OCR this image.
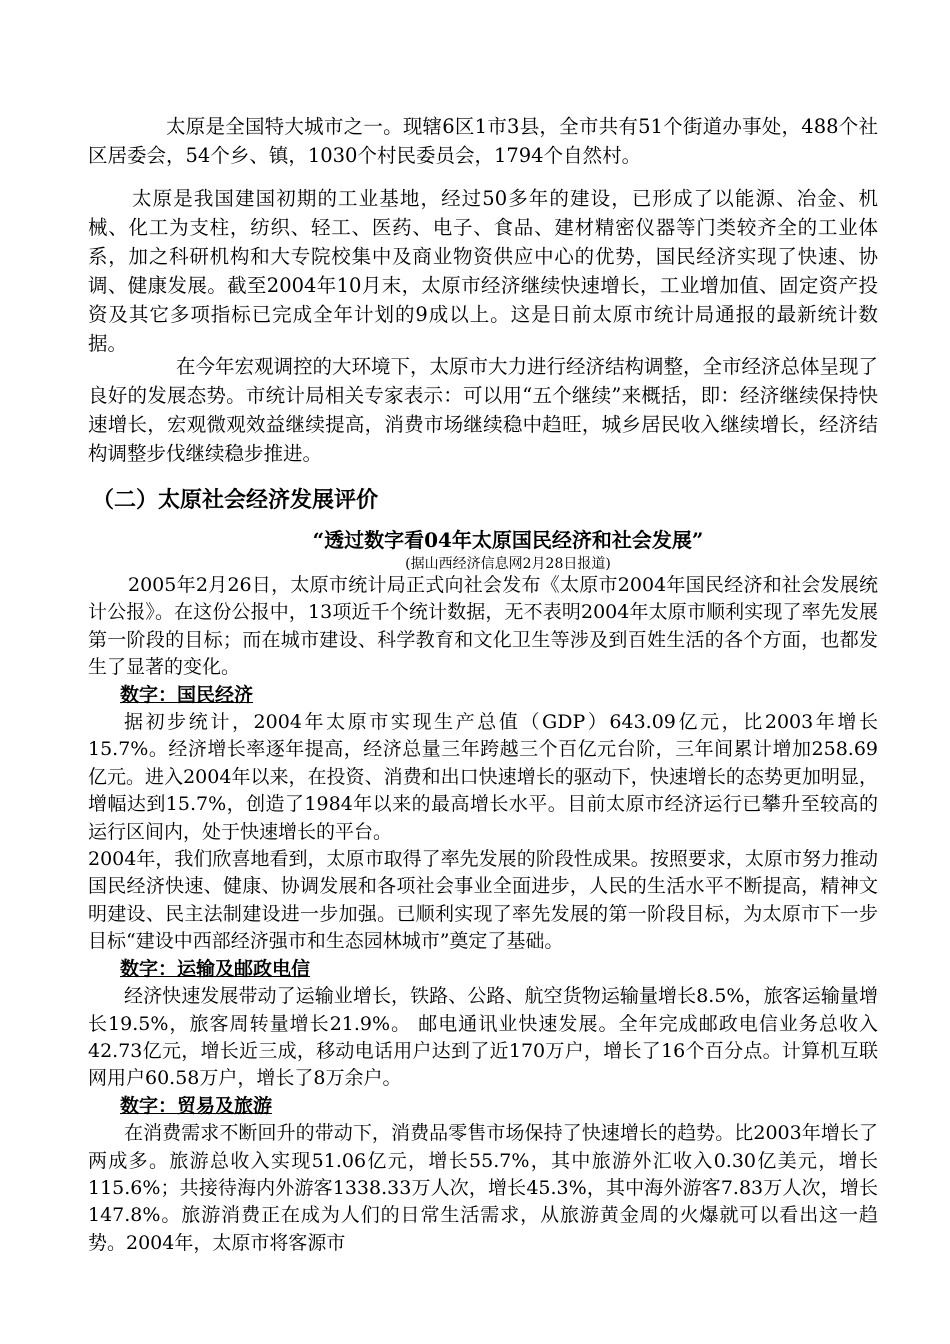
太原是全国特大城市之一。现辖6区1市3县，全市共有51个街道办事处，488个社区居委会，54个乡、镇，1030个村民委员会，1794个自然村。

太原是我国建国初期的工业基地，经过50多年的建设，已形成了以能源、冶金、机械、化工为支柱，纺织、轻工、医药、电子、食品、建材精密仪器等门类较齐全的工业体系，加之科研机构和大专院校集中及商业物资供应中心的优势，国民经济实现了快速、协调、健康发展。截至2004年10月末，太原市经济继续快速增长，工业增加值、固定资产投资及其它多项指标已完成全年计划的9成以上。这是日前太原市统计局通报的最新统计数据。

在今年宏观调控的大环境下，太原市大力进行经济结构调整，全市经济总体呈现了良好的发展态势。市统计局相关专家表示：可以用“五个继续”来概括，即：经济继续保持快速增长，宏观微观效益继续提高，消费市场继续稳中趋旺，城乡居民收入继续增长，经济结构调整步伐继续稳步推进。

（二）太原社会经济发展评价

“透过数字看04年太原国民经济和社会发展”

(据山西经济信息网2月28日报道)

2005年2月26日，太原市统计局正式向社会发布《太原市2004年国民经济和社会发展统计公报》。在这份公报中，13项近千个统计数据，无不表明2004年太原市顺利实现了率先发展第一阶段的目标；而在城市建设、科学教育和文化卫生等涉及到百姓生活的各个方面，也都发生了显著的变化。

数字：国民经济

据初步统计，2004年太原市实现生产总值（GDP）643.09亿元，比2003年增长15.7%。经济增长率逐年提高，经济总量三年跨越三个百亿元台阶，三年间累计增加258.69亿元。进入2004年以来，在投资、消费和出口快速增长的驱动下，快速增长的态势更加明显，增幅达到15.7%，创造了1984年以来的最高增长水平。目前太原市经济运行已攀升至较高的运行区间内，处于快速增长的平台。

2004年，我们欣喜地看到，太原市取得了率先发展的阶段性成果。按照要求，太原市努力推动国民经济快速、健康、协调发展和各项社会事业全面进步，人民的生活水平不断提高，精神文明建设、民主法制建设进一步加强。已顺利实现了率先发展的第一阶段目标，为太原市下一步目标“建设中西部经济强市和生态园林城市”奠定了基础。

数字：运输及邮政电信

经济快速发展带动了运输业增长，铁路、公路、航空货物运输量增长8.5%，旅客运输量增长19.5%，旅客周转量增长21.9%。 邮电通讯业快速发展。全年完成邮政电信业务总收入42.73亿元，增长近三成，移动电话用户达到了近170万户，增长了16个百分点。计算机互联网用户60.58万户，增长了8万余户。

数字：贸易及旅游

在消费需求不断回升的带动下，消费品零售市场保持了快速增长的趋势。比2003年增长了两成多。旅游总收入实现51.06亿元，增长55.7%，其中旅游外汇收入0.30亿美元，增长115.6%；共接待海内外游客1338.33万人次，增长45.3%，其中海外游客7.83万人次，增长147.8%。旅游消费正在成为人们的日常生活需求，从旅游黄金周的火爆就可以看出这一趋势。2004年，太原市将客源市
